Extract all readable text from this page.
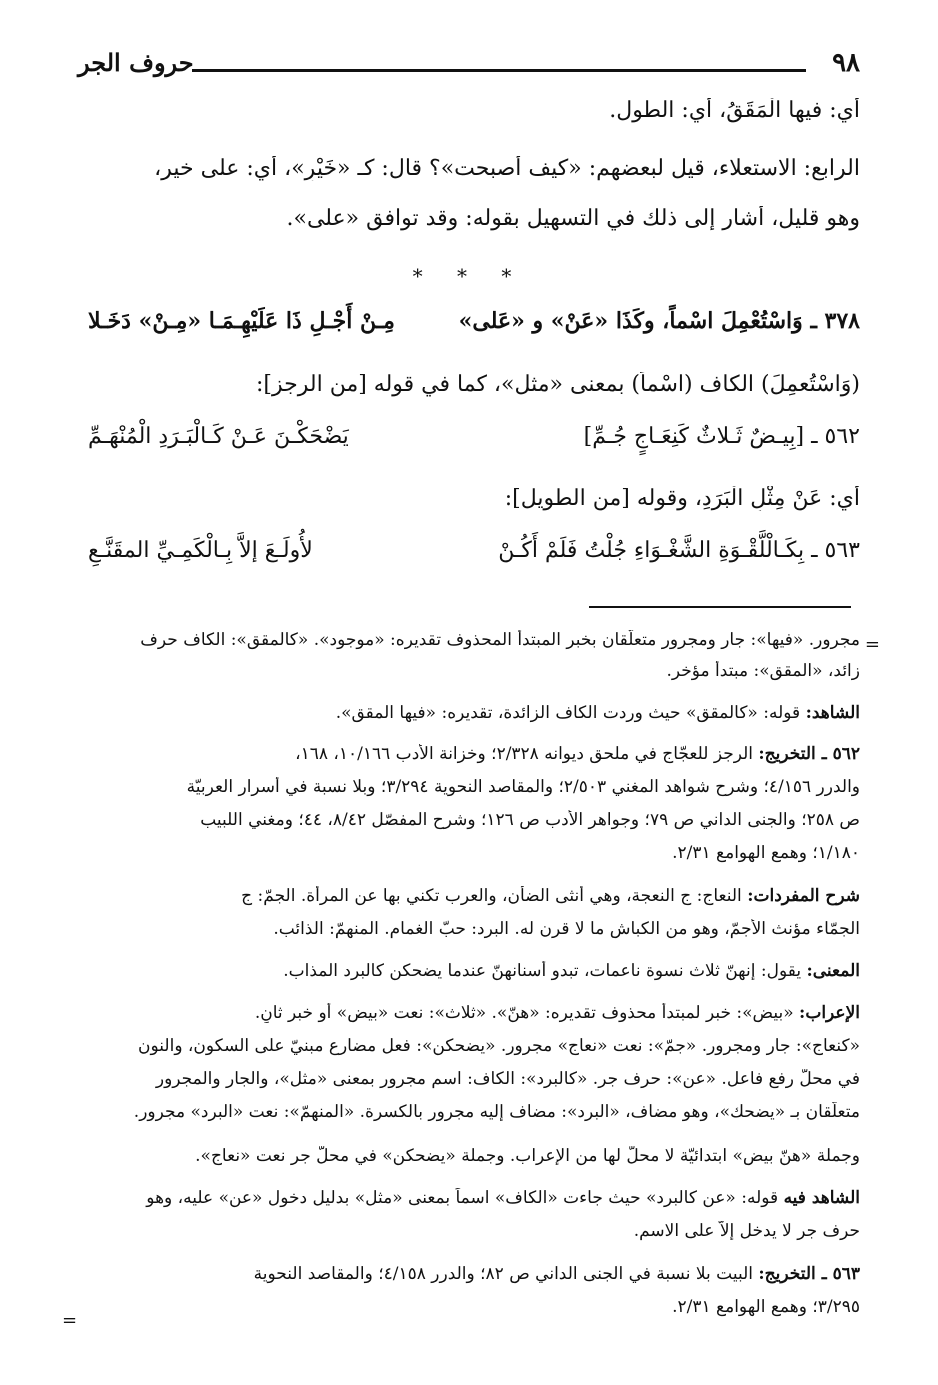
٩٨
حروف الجر
أي: فيها الْمَقَقُ، أي: الطول.
الرابع: الاستعلاء، قيل لبعضهم: «كيف أصبحت»؟ قال: كـ «خَيْرٍ»، أي: على خير،
وهو قليل، أشار إلى ذلك في التسهيل بقوله: وقد توافق «على».
* * *
٣٧٨ ـ وَاسْتُعْمِلَ اسْماً، وكَذَا «عَنْ» و «عَلى»
مِـنْ أَجْـلِ ذَا عَلَيْهِـمَـا «مِـنْ» دَخَـلا
(وَاسْتُعمِلَ) الكاف (اسْماً) بمعنى «مثل»، كما في قوله [من الرجز]:
٥٦٢ ـ [بِيـضٌ ثَـلاثٌ كَنِعَـاجٍ جُـمِّ]
يَضْحَكْـنَ عَـنْ كَـالْبَـرَدِ الْمُنْهَـمِّ
أي: عَنْ مِثْلِ الْبَرَدِ، وقوله [من الطويل]:
٥٦٣ ـ بِكَـالْلَّقْـوَةِ الشَّغْـوَاءِ جُلْتُ فَلَمْ أَكُـنْ
لأُولَـعَ إلاَّ بِـالْكَمِـيِّ المقَنَّـعِ
=
مجرور. «فيها»: جار ومجرور متعلّقان بخبر المبتدأ المحذوف تقديره: «موجود». «كالمقق»: الكاف حرف
زائد، «المقق»: مبتدأ مؤخر.
الشاهد: قوله: «كالمقق» حيث وردت الكاف الزائدة، تقديره: «فيها المقق».
٥٦٢ ـ التخريج: الرجز للعجّاج في ملحق ديوانه ٢/٣٢٨؛ وخزانة الأدب ١٠/١٦٦، ١٦٨،
والدرر ٤/١٥٦؛ وشرح شواهد المغني ٢/٥٠٣؛ والمقاصد النحوية ٣/٢٩٤؛ وبلا نسبة في أسرار العربيّة
ص ٢٥٨؛ والجنى الداني ص ٧٩؛ وجواهر الأدب ص ١٢٦؛ وشرح المفصّل ٨/٤٢، ٤٤؛ ومغني اللبيب
١/١٨٠؛ وهمع الهوامع ٢/٣١.
شرح المفردات: النعاج: ج النعجة، وهي أنثى الضأن، والعرب تكني بها عن المرأة. الجمّ: ج
الجمّاء مؤنث الأجمّ، وهو من الكباش ما لا قرن له. البرد: حبّ الغمام. المنهمّ: الذائب.
المعنى: يقول: إنهنّ ثلاث نسوة ناعمات، تبدو أسنانهنّ عندما يضحكن كالبرد المذاب.
الإعراب: «بيض»: خبر لمبتدأ محذوف تقديره: «هنّ». «ثلاث»: نعت «بيض» أو خبر ثانٍ.
«كنعاج»: جار ومجرور. «جمّ»: نعت «نعاج» مجرور. «يضحكن»: فعل مضارع مبنيّ على السكون، والنون
في محلّ رفع فاعل. «عن»: حرف جر. «كالبرد»: الكاف: اسم مجرور بمعنى «مثل»، والجار والمجرور
متعلّقان بـ «يضحك»، وهو مضاف، «البرد»: مضاف إليه مجرور بالكسرة. «المنهمّ»: نعت «البرد» مجرور.
وجملة «هنّ بيض» ابتدائيّة لا محلّ لها من الإعراب. وجملة «يضحكن» في محلّ جر نعت «نعاج».
الشاهد فيه قوله: «عن كالبرد» حيث جاءت «الكاف» اسماً بمعنى «مثل» بدليل دخول «عن» عليه، وهو
حرف جر لا يدخل إلاّ على الاسم.
٥٦٣ ـ التخريج: البيت بلا نسبة في الجنى الداني ص ٨٢؛ والدرر ٤/١٥٨؛ والمقاصد النحوية
٣/٢٩٥؛ وهمع الهوامع ٢/٣١.
=
